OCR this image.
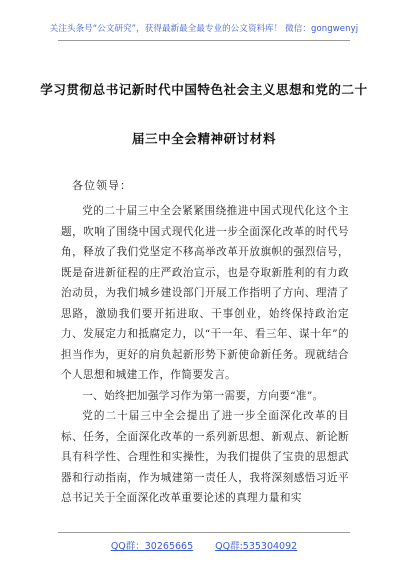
关注头条号“公文研究”，获得最新最全最专业的公文资料库！ 微信：gongwenyj
学习贯彻总书记新时代中国特色社会主义思想和党的二十
届三中全会精神研讨材料
各位领导：

党的二十届三中全会紧紧围绕推进中国式现代化这个主题，吹响了围绕中国式现代化进一步全面深化改革的时代号角，释放了我们党坚定不移高举改革开放旗帜的强烈信号，既是奋进新征程的庄严政治宣示，也是夺取新胜利的有力政治动员，为我们城乡建设部门开展工作指明了方向、理清了思路，激励我们要开拓进取、干事创业，始终保持政治定力、发展定力和抵腐定力，以“干一年、看三年、谋十年”的担当作为，更好的肩负起新形势下新使命新任务。现就结合个人思想和城建工作，作简要发言。

一、始终把加强学习作为第一需要，方向要“准”。

党的二十届三中全会提出了进一步全面深化改革的目标、任务，全面深化改革的一系列新思想、新观点、新论断具有科学性、合理性和实操性，为我们提供了宝贵的思想武器和行动指南，作为城建第一责任人，我将深刻感悟习近平总书记关于全面深化改革重要论述的真理力量和实

QQ群：30265665 QQ群:535304092
